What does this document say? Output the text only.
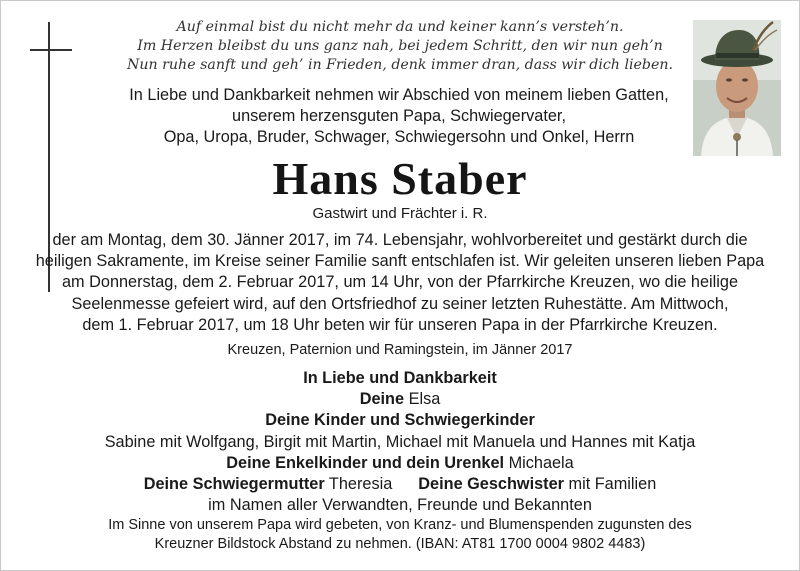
Auf einmal bist du nicht mehr da und keiner kann’s versteh’n.
Im Herzen bleibst du uns ganz nah, bei jedem Schritt, den wir nun geh’n
Nun ruhe sanft und geh’ in Frieden, denk immer dran, dass wir dich lieben.
In Liebe und Dankbarkeit nehmen wir Abschied von meinem lieben Gatten,
unserem herzensguten Papa, Schwiegervater,
Opa, Uropa, Bruder, Schwager, Schwiegersohn und Onkel, Herrn
Hans Staber
Gastwirt und Frächter i. R.
der am Montag, dem 30. Jänner 2017, im 74. Lebensjahr, wohlvorbereitet und gestärkt durch die
heiligen Sakramente, im Kreise seiner Familie sanft entschlafen ist. Wir geleiten unseren lieben Papa
am Donnerstag, dem 2. Februar 2017, um 14 Uhr, von der Pfarrkirche Kreuzen, wo die heilige
Seelenmesse gefeiert wird, auf den Ortsfriedhof zu seiner letzten Ruhestätte. Am Mittwoch,
dem 1. Februar 2017, um 18 Uhr beten wir für unseren Papa in der Pfarrkirche Kreuzen.
Kreuzen, Paternion und Ramingstein, im Jänner 2017
In Liebe und Dankbarkeit
Deine Elsa
Deine Kinder und Schwiegerkinder
Sabine mit Wolfgang, Birgit mit Martin, Michael mit Manuela und Hannes mit Katja
Deine Enkelkinder und dein Urenkel Michaela
Deine Schwiegermutter Theresia Deine Geschwister mit Familien
im Namen aller Verwandten, Freunde und Bekannten
Im Sinne von unserem Papa wird gebeten, von Kranz- und Blumenspenden zugunsten des
Kreuzner Bildstock Abstand zu nehmen. (IBAN: AT81 1700 0004 9802 4483)
